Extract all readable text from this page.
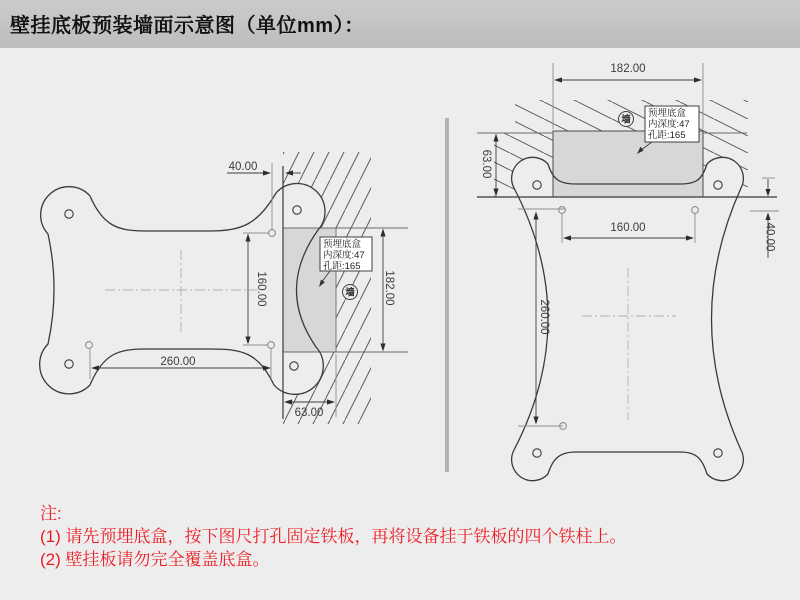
40.00
160.00
260.00
63.00
182.00
预埋底盒
内深度:47
孔距:165
墙
182.00
63.00
160.00	40.00
260.00
预埋底盒
内深度:47
孔距:165
墙
壁挂底板预装墙面示意图（单位mm）：
注:
(1) 请先预埋底盒，按下图尺打孔固定铁板，再将设备挂于铁板的四个铁柱上。
(2) 壁挂板请勿完全覆盖底盒。
